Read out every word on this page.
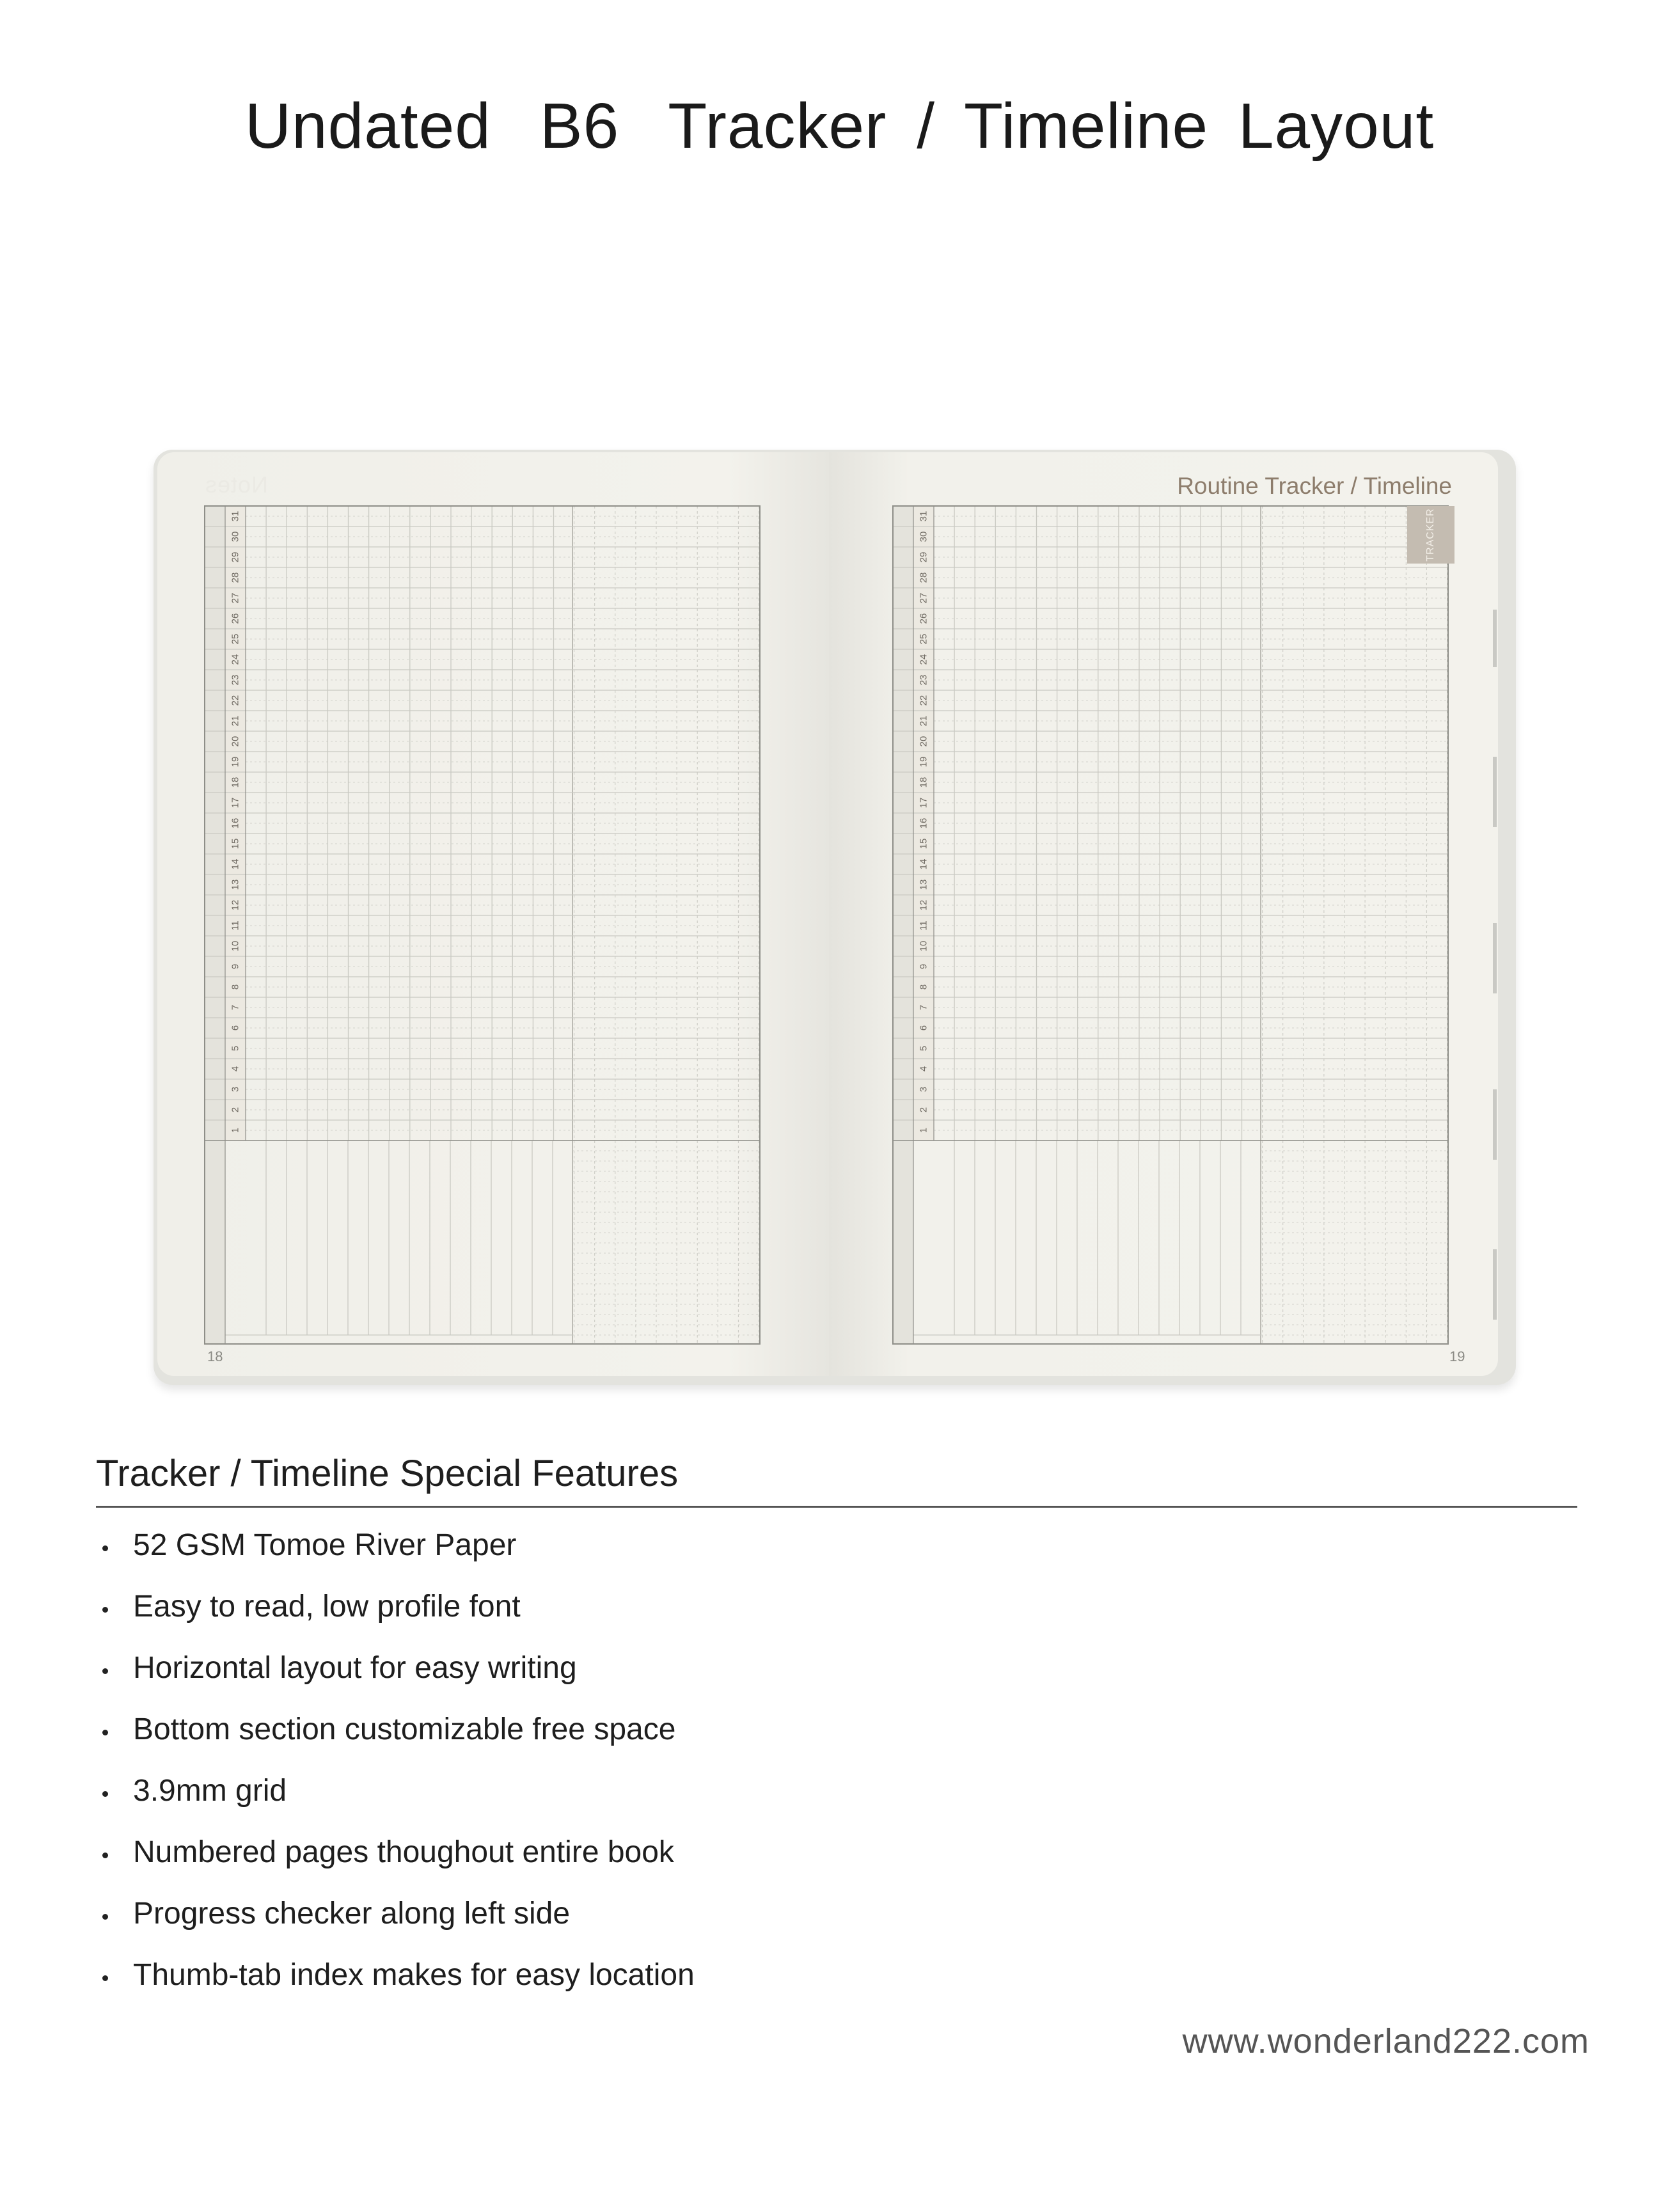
Undated B6 Tracker / Timeline Layout
Notes
1
2
3
4
5
6
7
8
9
10
11
12
13
14
15
16
17
18
19
20
21
22
23
24
25
26
27
28
29
30
31
18
Routine Tracker / Timeline
1
2
3
4
5
6
7
8
9
10
11
12
13
14
15
16
17
18
19
20
21
22
23
24
25
26
27
28
29
30
31	TRACKER
19
Tracker / Timeline Special Features
52 GSM Tomoe River Paper
Easy to read, low profile font
Horizontal layout for easy writing
Bottom section customizable free space
3.9mm grid
Numbered pages thoughout entire book
Progress checker along left side
Thumb-tab index makes for easy location
www.wonderland222.com
